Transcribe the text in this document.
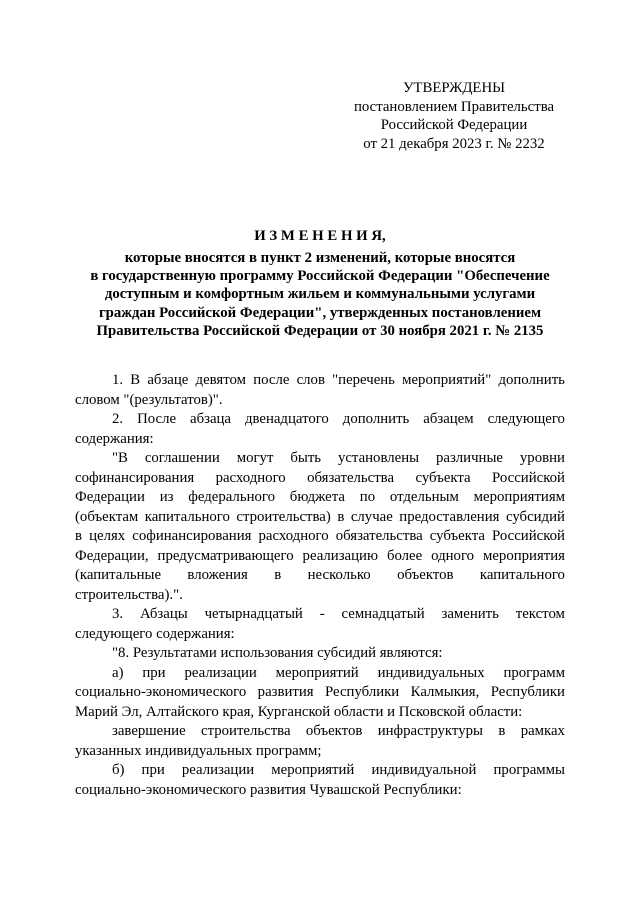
УТВЕРЖДЕНЫ
постановлением Правительства
Российской Федерации
от 21 декабря 2023 г. № 2232
И З М Е Н Е Н И Я,
которые вносятся в пункт 2 изменений, которые вносятся
в государственную программу Российской Федерации "Обеспечение
доступным и комфортным жильем и коммунальными услугами
граждан Российской Федерации", утвержденных постановлением
Правительства Российской Федерации от 30 ноября 2021 г. № 2135
1. В абзаце девятом после слов "перечень мероприятий" дополнить
словом "(результатов)".
2. После абзаца двенадцатого дополнить абзацем следующего
содержания:
"В соглашении могут быть установлены различные уровни
софинансирования расходного обязательства субъекта Российской
Федерации из федерального бюджета по отдельным мероприятиям
(объектам капитального строительства) в случае предоставления субсидий
в целях софинансирования расходного обязательства субъекта Российской
Федерации, предусматривающего реализацию более одного мероприятия
(капитальные вложения в несколько объектов капитального
строительства).".
3. Абзацы четырнадцатый - семнадцатый заменить текстом
следующего содержания:
"8. Результатами использования субсидий являются:
а) при реализации мероприятий индивидуальных программ
социально-экономического развития Республики Калмыкия, Республики
Марий Эл, Алтайского края, Курганской области и Псковской области:
завершение строительства объектов инфраструктуры в рамках
указанных индивидуальных программ;
б) при реализации мероприятий индивидуальной программы
социально-экономического развития Чувашской Республики:
